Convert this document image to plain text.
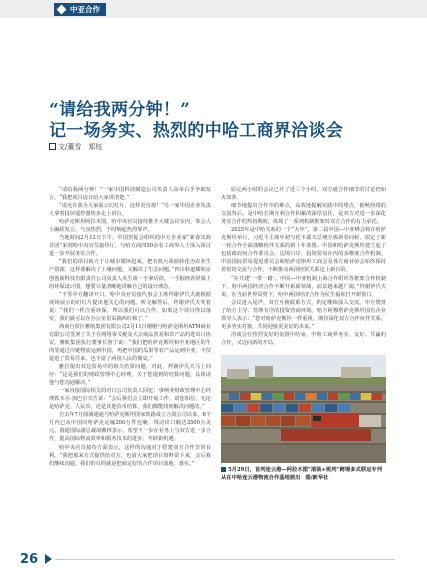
中亚合作
“请给我两分钟！”
记一场务实、热烈的中哈工商界洽谈会
文/董雪　郑钰

“请给我两分钟！”一家中国科技制造公司负责人高举右手争取发言，“我把项目设计给大家讲清楚。”

“请允许我为大家展示幻灯片，这样更直观！”另一家中国企业负责人拿着投屏遥控器快步走上讲台。

哈萨克斯坦阿拉木图，哈中央官员接待推介大楼会议室内，参会人士踊跃发言，气氛热烈，不时响起热烈掌声。

当地时间2月12日下午，中国贸促会组织的中方企业家“新春出海首团”来到哈中央官员接待厅，与哈方商四50余名工商界人士深入探讨进一步开展务实合作。

“我们的项目致力于让城市循环起来，把有机污染源转化为农业生产资源，这样我解决了土壤问题，又解决了生态问题。”四川科道耀和京创创新科技有限责任公司负责人夹生谈一手拿话筒，一手握画着屏幕上的环保设计图，想要尽量清晰地讲解自己的设计理念。

“不等中方翻译开口，哈中央官员接代事会主席拜谢伊氏夫就根据现场展示的幻灯片提出他关心的问题。听完解答后，拜谢伊氏夫笑着说：“我们一样注重环保，所以我们可以合作。如果这个项目得以落实，我们就可以在办公室里采摘西红柿了。”

海南自贸区雅航集团有限公司2月11日刚刚与哈萨克斯坦ATM商业有限公司签署了关于在网络零关税及大宗商品贸易和农产品的进出口协议。雅航集团执行董事长鲁宁说：“我们把哈萨克斯坦和中亚地区的牛肉等通过冷链物流运到中国，再把中国的瓜果等农产品运到中亚，不仅促进了贸易往来，也丰富了两国人民的餐桌。”

雅拉提出双边贸易中的相关结算问题。对此，拜谢伊氏夫马上回应：“这是我们的财政管理中心经理，关于您提到的结算问题，具体请他与您沟通解决。”

一家直接国际相关的对口公司负责人回忆：事例业财政管理中心经理铁木尔·加巴尔夫告诉：“会后我们会立即开展工作。请您相信，无论是哈萨克、人民币，还是其他货币结算，我们都能找到解决问题的。”

自去年7月圆满通通与哈萨克斯坦国家铁路成立合资公司以来，6个月内已从中国向哈萨克运输200万件包裹，带动出口额达3500万美元。圆通国际副总裁胡湘林表示，希望下一步在业务上与双方进一步合作，提高国际物流效率和服务技术的进步，开辟新机遇。

哈中央官员接待方面表示，这样的沟通对于搭建双方合作非常有利。“我把那来方式提供给对方，也请大家把项目资料留下来，会后我们继续沟通。我们的目的就是把商定好的合作项目落地、落实。”

原定两小时的会议已开了近三个小时，双方就合作细节的讨论仍如火如荼。

细节地提出合作中的难点，高效地提解实践中的堵点，据畅热络的交流背后，是中哈长期互利合作积累的深厚信任，是双方对进一步深化务实合作的热切期盼，体现了一系列机制框架对双方合作的有力承托。

2025年是中哈关系的一个“大年”，第二届中国—中亚峰会将在哈萨克斯坦举行，习近平主席年初与托卡耶夫总统互致新春问候，拟定了新一轮合作全面战略伙伴关系的新十年蓝图。中国和哈萨克斯坦建立起了包括政府间合作委员会、边境口岸、投资贸易在内的多维度合作机制。中国国际贸易促进委员会和哈萨克斯坦工商会及各方商业协会始终保持着密切交流与合作，不断推动两国经贸关系迈上新台阶。

“在共建‘一带一路’、中国—中亚机制上海合作组织等框架合作机制下，哈中两国经济合作不断开拓新领域，前景越来越广阔。”拜谢伊氏夫说，在当前世界局势下，哈中两国经济合作为民生福祉打开新窗口。

会议进入尾声，双方互换联系方式，约定继续深入交流。中方赞赏了哈方主导、管理有序的投资营商环境。哈方阿穆塔萨克斯坦国有企业领导人表示：“您对哈萨克斯坦一样重视，期待深化双方合作伙伴关系，更多务实对接，共同迎接更美好的未来。”

洽谈会在热烈友好的氛围中结束。中哈工商界务实、友好、共赢的合作，又迈向新的开局。

5月29日，首列连云港—阿拉木图“滚装+班列”跨境多式联运专列从在中哈连云港物流合作基地驶出 图/新华社
26
